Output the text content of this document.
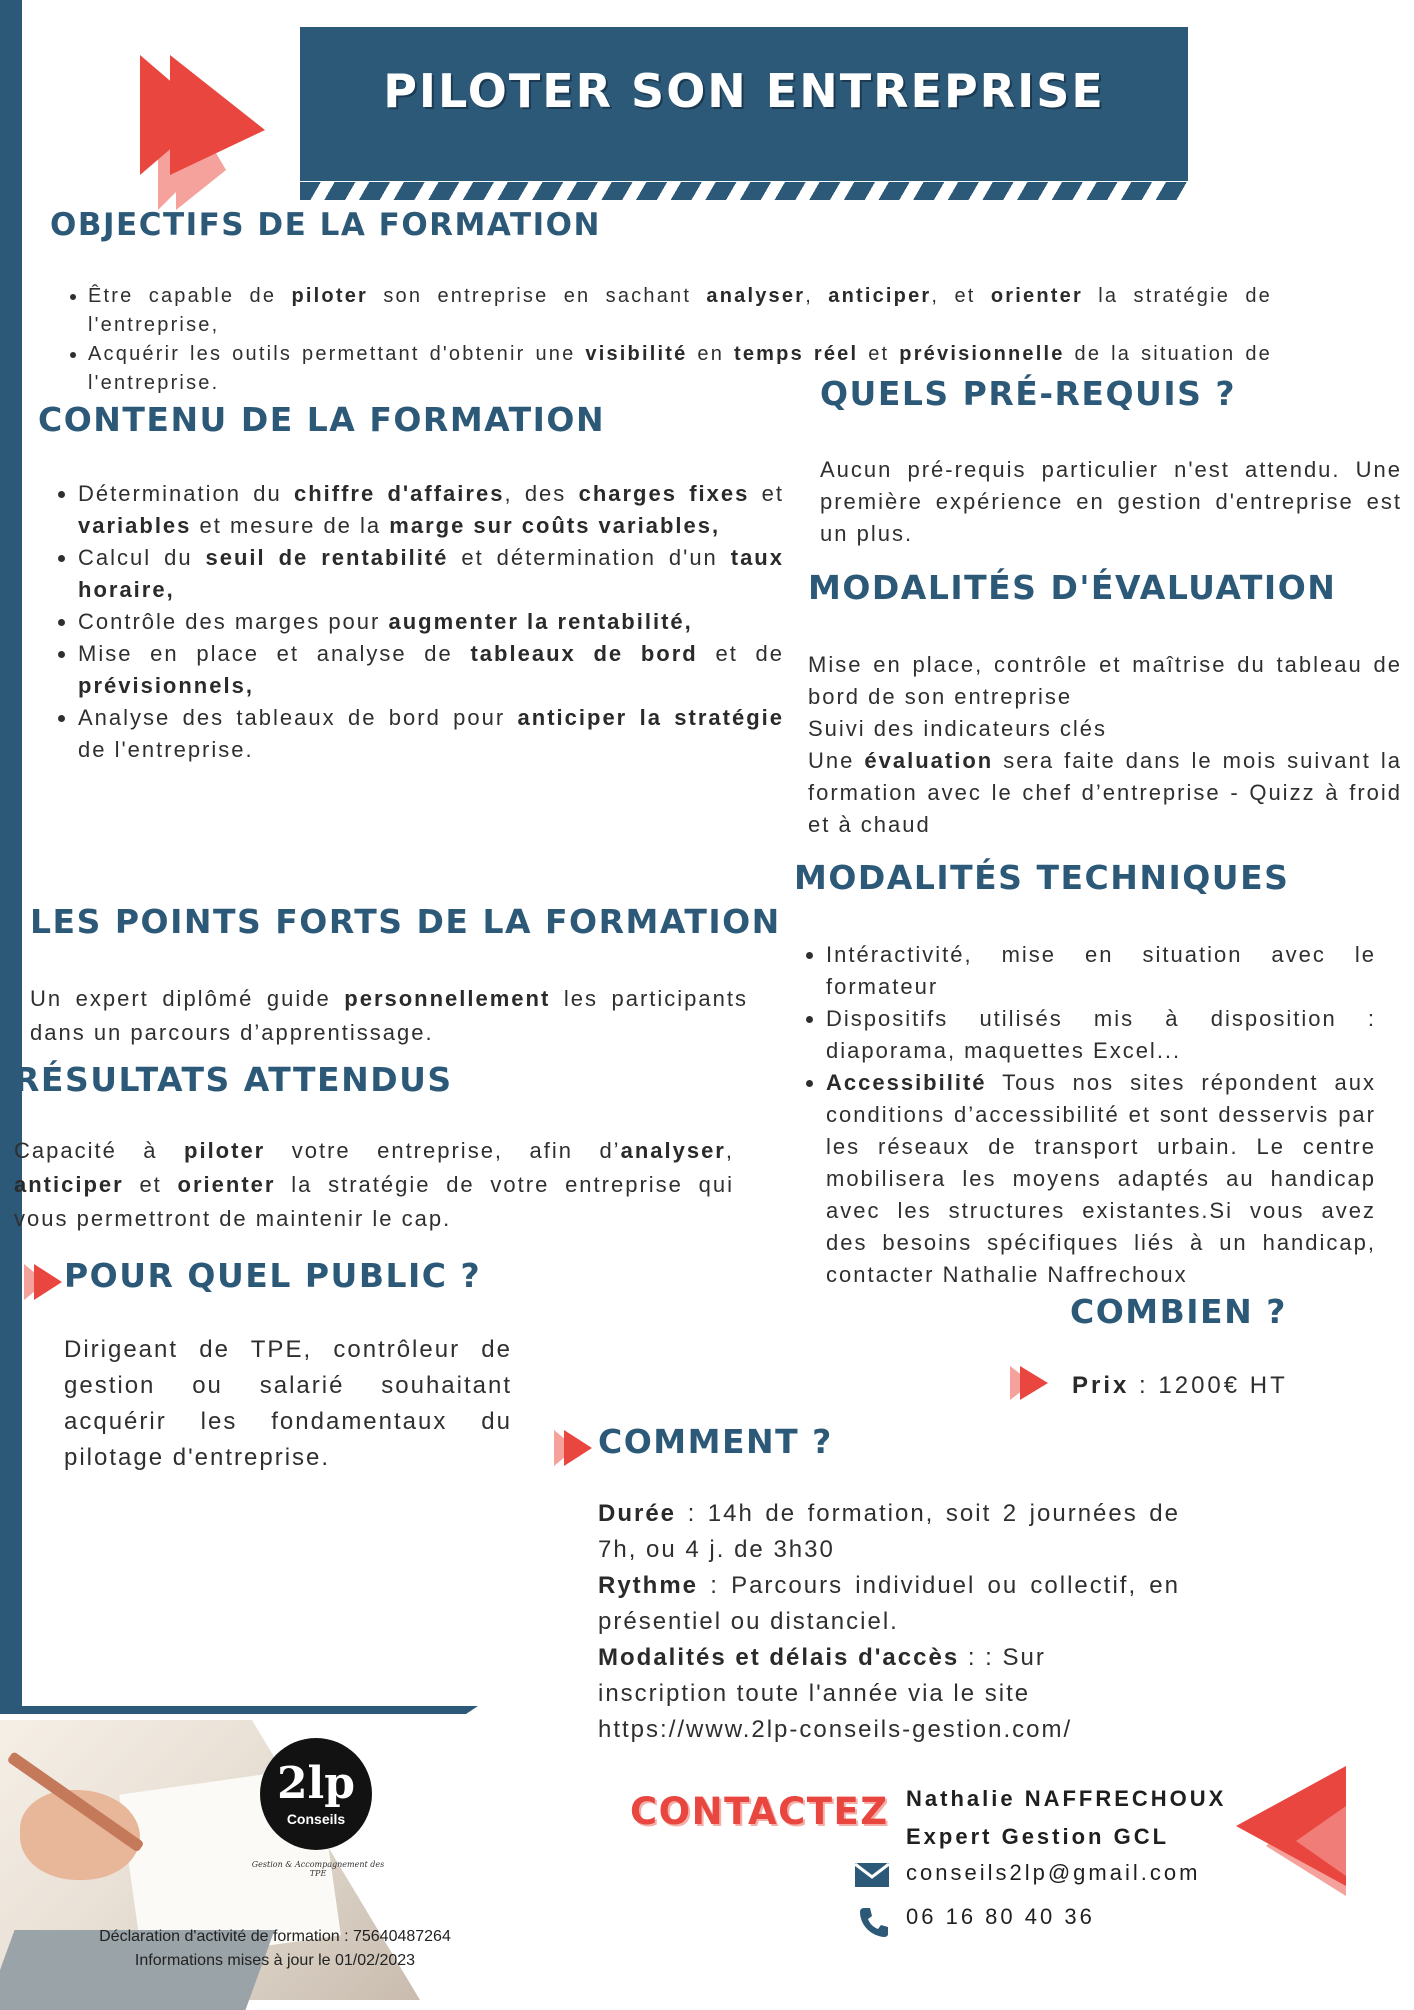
PILOTER SON ENTREPRISE
OBJECTIFS DE LA FORMATION
• Être capable de piloter son entreprise en sachant analyser, anticiper, et orienter la stratégie de l'entreprise,
• Acquérir les outils permettant d'obtenir une visibilité en temps réel et prévisionnelle de la situation de l'entreprise.
CONTENU DE LA FORMATION
• Détermination du chiffre d'affaires, des charges fixes et variables et mesure de la marge sur coûts variables,
• Calcul du seuil de rentabilité et détermination d'un taux horaire,
• Contrôle des marges pour augmenter la rentabilité,
• Mise en place et analyse de tableaux de bord et de prévisionnels,
• Analyse des tableaux de bord pour anticiper la stratégie de l'entreprise.
QUELS PRÉ-REQUIS ?
Aucun pré-requis particulier n'est attendu. Une première expérience en gestion d'entreprise est un plus.
MODALITÉS D'ÉVALUATION
Mise en place, contrôle et maîtrise du tableau de bord de son entreprise
Suivi des indicateurs clés
Une évaluation sera faite dans le mois suivant la formation avec le chef d’entreprise - Quizz à froid et à chaud
MODALITÉS TECHNIQUES
• Intéractivité, mise en situation avec le formateur
• Dispositifs utilisés mis à disposition : diaporama, maquettes Excel...
• Accessibilité Tous nos sites répondent aux conditions d’accessibilité et sont desservis par les réseaux de transport urbain. Le centre mobilisera les moyens adaptés au handicap avec les structures existantes.Si vous avez des besoins spécifiques liés à un handicap, contacter Nathalie Naffrechoux
LES POINTS FORTS DE LA FORMATION
Un expert diplômé guide personnellement les participants dans un parcours d’apprentissage.
RÉSULTATS ATTENDUS
Capacité à piloter votre entreprise, afin d’analyser, anticiper et orienter la stratégie de votre entreprise qui vous permettront de maintenir le cap.
POUR QUEL PUBLIC ?
Dirigeant de TPE, contrôleur de gestion ou salarié souhaitant acquérir les fondamentaux du pilotage d'entreprise.
COMBIEN ?
Prix : 1200€ HT
COMMENT ?
Durée : 14h de formation, soit 2 journées de 7h, ou 4 j. de 3h30
Rythme : Parcours individuel ou collectif, en présentiel ou distanciel.
Modalités et délais d'accès : : Sur inscription toute l'année via le site https://www.2lp-conseils-gestion.com/
2lp
Conseils
Gestion & Accompagnement des TPE
Déclaration d'activité de formation : 75640487264
Informations mises à jour le 01/02/2023
CONTACTEZ Nathalie NAFFRECHOUX
Expert Gestion GCL
conseils2lp@gmail.com
06 16 80 40 36
